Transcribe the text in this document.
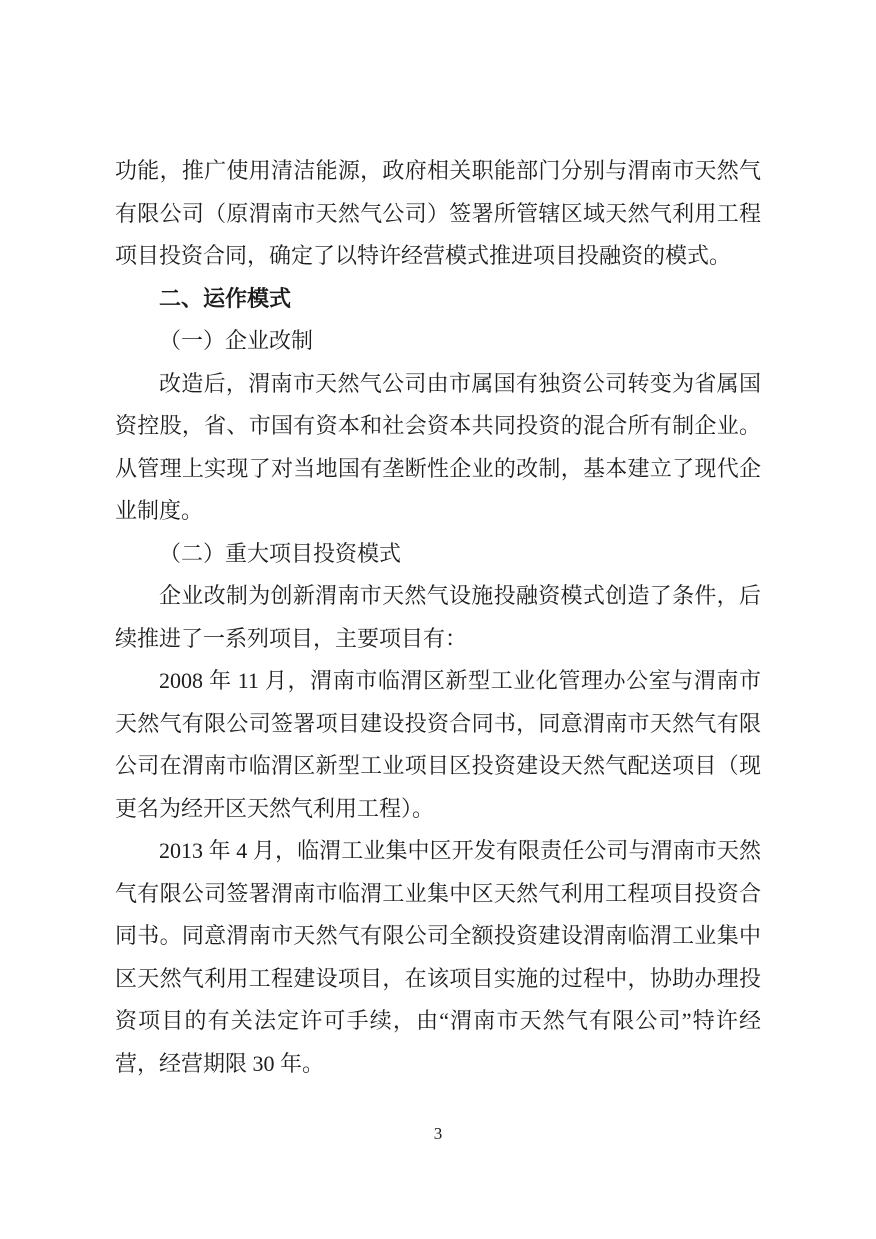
功能，推广使用清洁能源，政府相关职能部门分别与渭南市天然气有限公司（原渭南市天然气公司）签署所管辖区域天然气利用工程项目投资合同，确定了以特许经营模式推进项目投融资的模式。

二、运作模式

（一）企业改制

改造后，渭南市天然气公司由市属国有独资公司转变为省属国资控股，省、市国有资本和社会资本共同投资的混合所有制企业。从管理上实现了对当地国有垄断性企业的改制，基本建立了现代企业制度。

（二）重大项目投资模式

企业改制为创新渭南市天然气设施投融资模式创造了条件，后续推进了一系列项目，主要项目有：

2008 年 11 月，渭南市临渭区新型工业化管理办公室与渭南市天然气有限公司签署项目建设投资合同书，同意渭南市天然气有限公司在渭南市临渭区新型工业项目区投资建设天然气配送项目（现更名为经开区天然气利用工程）。

2013 年 4 月，临渭工业集中区开发有限责任公司与渭南市天然气有限公司签署渭南市临渭工业集中区天然气利用工程项目投资合同书。同意渭南市天然气有限公司全额投资建设渭南临渭工业集中区天然气利用工程建设项目，在该项目实施的过程中，协助办理投资项目的有关法定许可手续，由“渭南市天然气有限公司”特许经营，经营期限 30 年。

3
